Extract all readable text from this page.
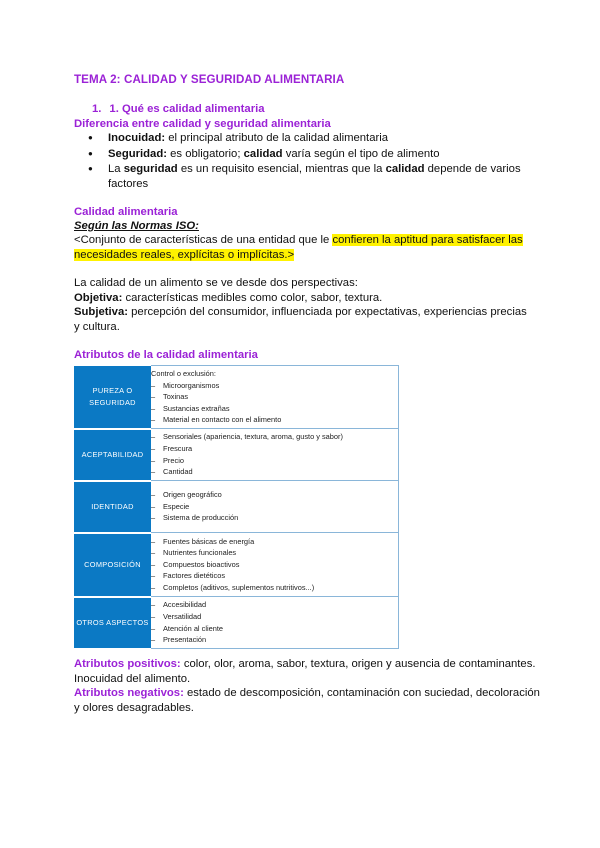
TEMA 2: CALIDAD Y SEGURIDAD ALIMENTARIA
1. 1. Qué es calidad alimentaria
Diferencia entre calidad y seguridad alimentaria
● Inocuidad: el principal atributo de la calidad alimentaria
● Seguridad: es obligatorio; calidad varía según el tipo de alimento
● La seguridad es un requisito esencial, mientras que la calidad depende de varios factores
Calidad alimentaria
Según las Normas ISO:
<Conjunto de características de una entidad que le confieren la aptitud para satisfacer las necesidades reales, explícitas o implícitas.>
La calidad de un alimento se ve desde dos perspectivas:
Objetiva: características medibles como color, sabor, textura.
Subjetiva: percepción del consumidor, influenciada por expectativas, experiencias precias y cultura.
Atributos de la calidad alimentaria
PUREZA O SEGURIDAD	Control o exclusión:
– Microorganismos
– Toxinas
– Sustancias extrañas
– Material en contacto con el alimento

ACEPTABILIDAD	– Sensoriales (apariencia, textura, aroma, gusto y sabor)
– Frescura
– Precio
– Cantidad

IDENTIDAD	– Origen geográfico
– Especie
– Sistema de producción

COMPOSICIÓN	– Fuentes básicas de energía
– Nutrientes funcionales
– Compuestos bioactivos
– Factores dietéticos
– Completos (aditivos, suplementos nutritivos...)

OTROS ASPECTOS	– Accesibilidad
– Versatilidad
– Atención al cliente
– Presentación
Atributos positivos: color, olor, aroma, sabor, textura, origen y ausencia de contaminantes. Inocuidad del alimento.
Atributos negativos: estado de descomposición, contaminación con suciedad, decoloración y olores desagradables.
